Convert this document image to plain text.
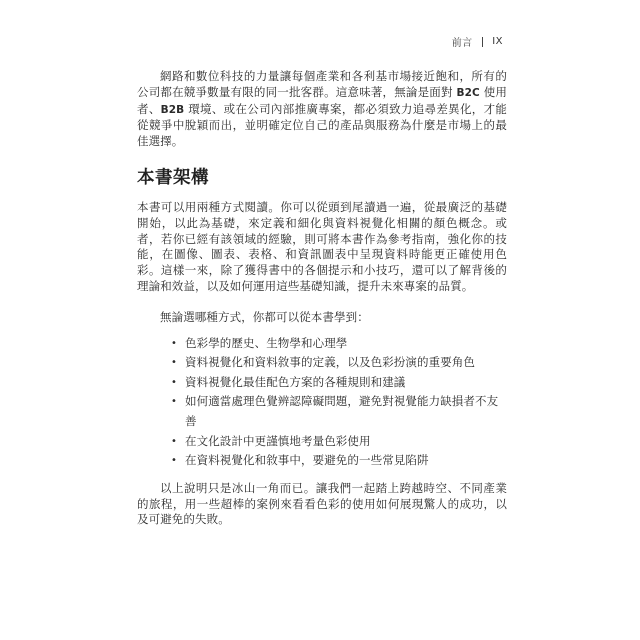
前言 IX

網路和數位科技的力量讓每個產業和各利基市場接近飽和，所有的公司都在競爭數量有限的同一批客群。這意味著，無論是面對 B2C 使用者、B2B 環境、或在公司內部推廣專案，都必須致力追尋差異化，才能從競爭中脫穎而出，並明確定位自己的產品與服務為什麼是市場上的最佳選擇。

本書架構

本書可以用兩種方式閱讀。你可以從頭到尾讀過一遍，從最廣泛的基礎開始，以此為基礎，來定義和細化與資料視覺化相關的顏色概念。或者，若你已經有該領域的經驗，則可將本書作為參考指南，強化你的技能，在圖像、圖表、表格、和資訊圖表中呈現資料時能更正確使用色彩。這樣一來，除了獲得書中的各個提示和小技巧，還可以了解背後的理論和效益，以及如何運用這些基礎知識，提升未來專案的品質。

無論選哪種方式，你都可以從本書學到：

• 色彩學的歷史、生物學和心理學
• 資料視覺化和資料敘事的定義，以及色彩扮演的重要角色
• 資料視覺化最佳配色方案的各種規則和建議
• 如何適當處理色覺辨認障礙問題，避免對視覺能力缺損者不友善
• 在文化設計中更謹慎地考量色彩使用
• 在資料視覺化和敘事中，要避免的一些常見陷阱

以上說明只是冰山一角而已。讓我們一起踏上跨越時空、不同產業的旅程，用一些超棒的案例來看看色彩的使用如何展現驚人的成功，以及可避免的失敗。
